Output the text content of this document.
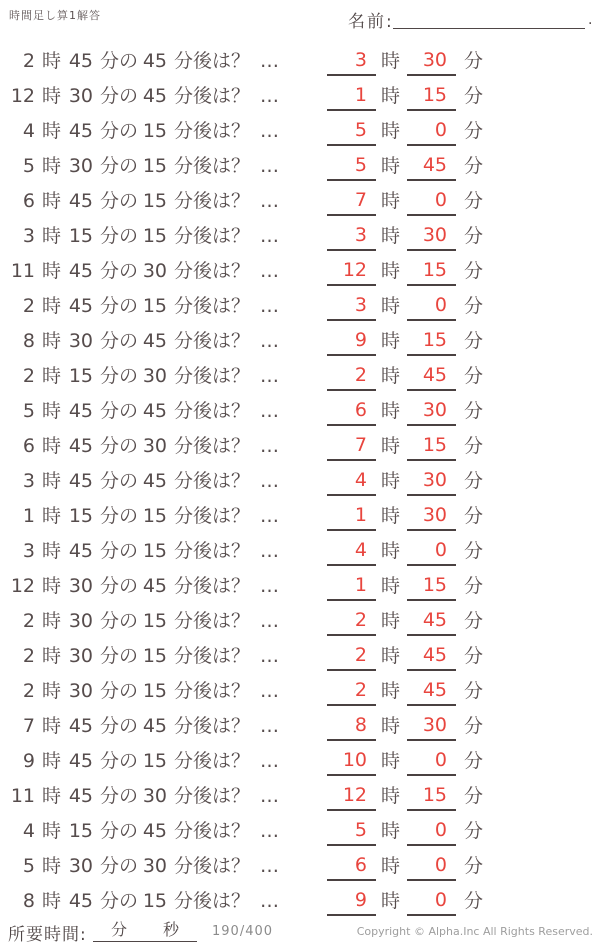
時間足し算1解答	名前:	.
2 時 45 分の 45 分後は？ …	3 時 30 分
12 時 30 分の 45 分後は？ …	1 時 15 分
4 時 45 分の 15 分後は？ …	5 時 0 分
5 時 30 分の 15 分後は？ …	5 時 45 分
6 時 45 分の 15 分後は？ …	7 時 0 分
3 時 15 分の 15 分後は？ …	3 時 30 分
11 時 45 分の 30 分後は？ …	12 時 15 分
2 時 45 分の 15 分後は？ …	3 時 0 分
8 時 30 分の 45 分後は？ …	9 時 15 分
2 時 15 分の 30 分後は？ …	2 時 45 分
5 時 45 分の 45 分後は？ …	6 時 30 分
6 時 45 分の 30 分後は？ …	7 時 15 分
3 時 45 分の 45 分後は？ …	4 時 30 分
1 時 15 分の 15 分後は？ …	1 時 30 分
3 時 45 分の 15 分後は？ …	4 時 0 分
12 時 30 分の 45 分後は？ …	1 時 15 分
2 時 30 分の 15 分後は？ …	2 時 45 分
2 時 30 分の 15 分後は？ …	2 時 45 分
2 時 30 分の 15 分後は？ …	2 時 45 分
7 時 45 分の 45 分後は？ …	8 時 30 分
9 時 45 分の 15 分後は？ …	10 時 0 分
11 時 45 分の 30 分後は？ …	12 時 15 分
4 時 15 分の 45 分後は？ …	5 時 0 分
5 時 30 分の 30 分後は？ …	6 時 0 分
8 時 45 分の 15 分後は？ …	9 時 0 分
所要時間: 分 秒	190/400	Copyright © Alpha.Inc All Rights Reserved.
